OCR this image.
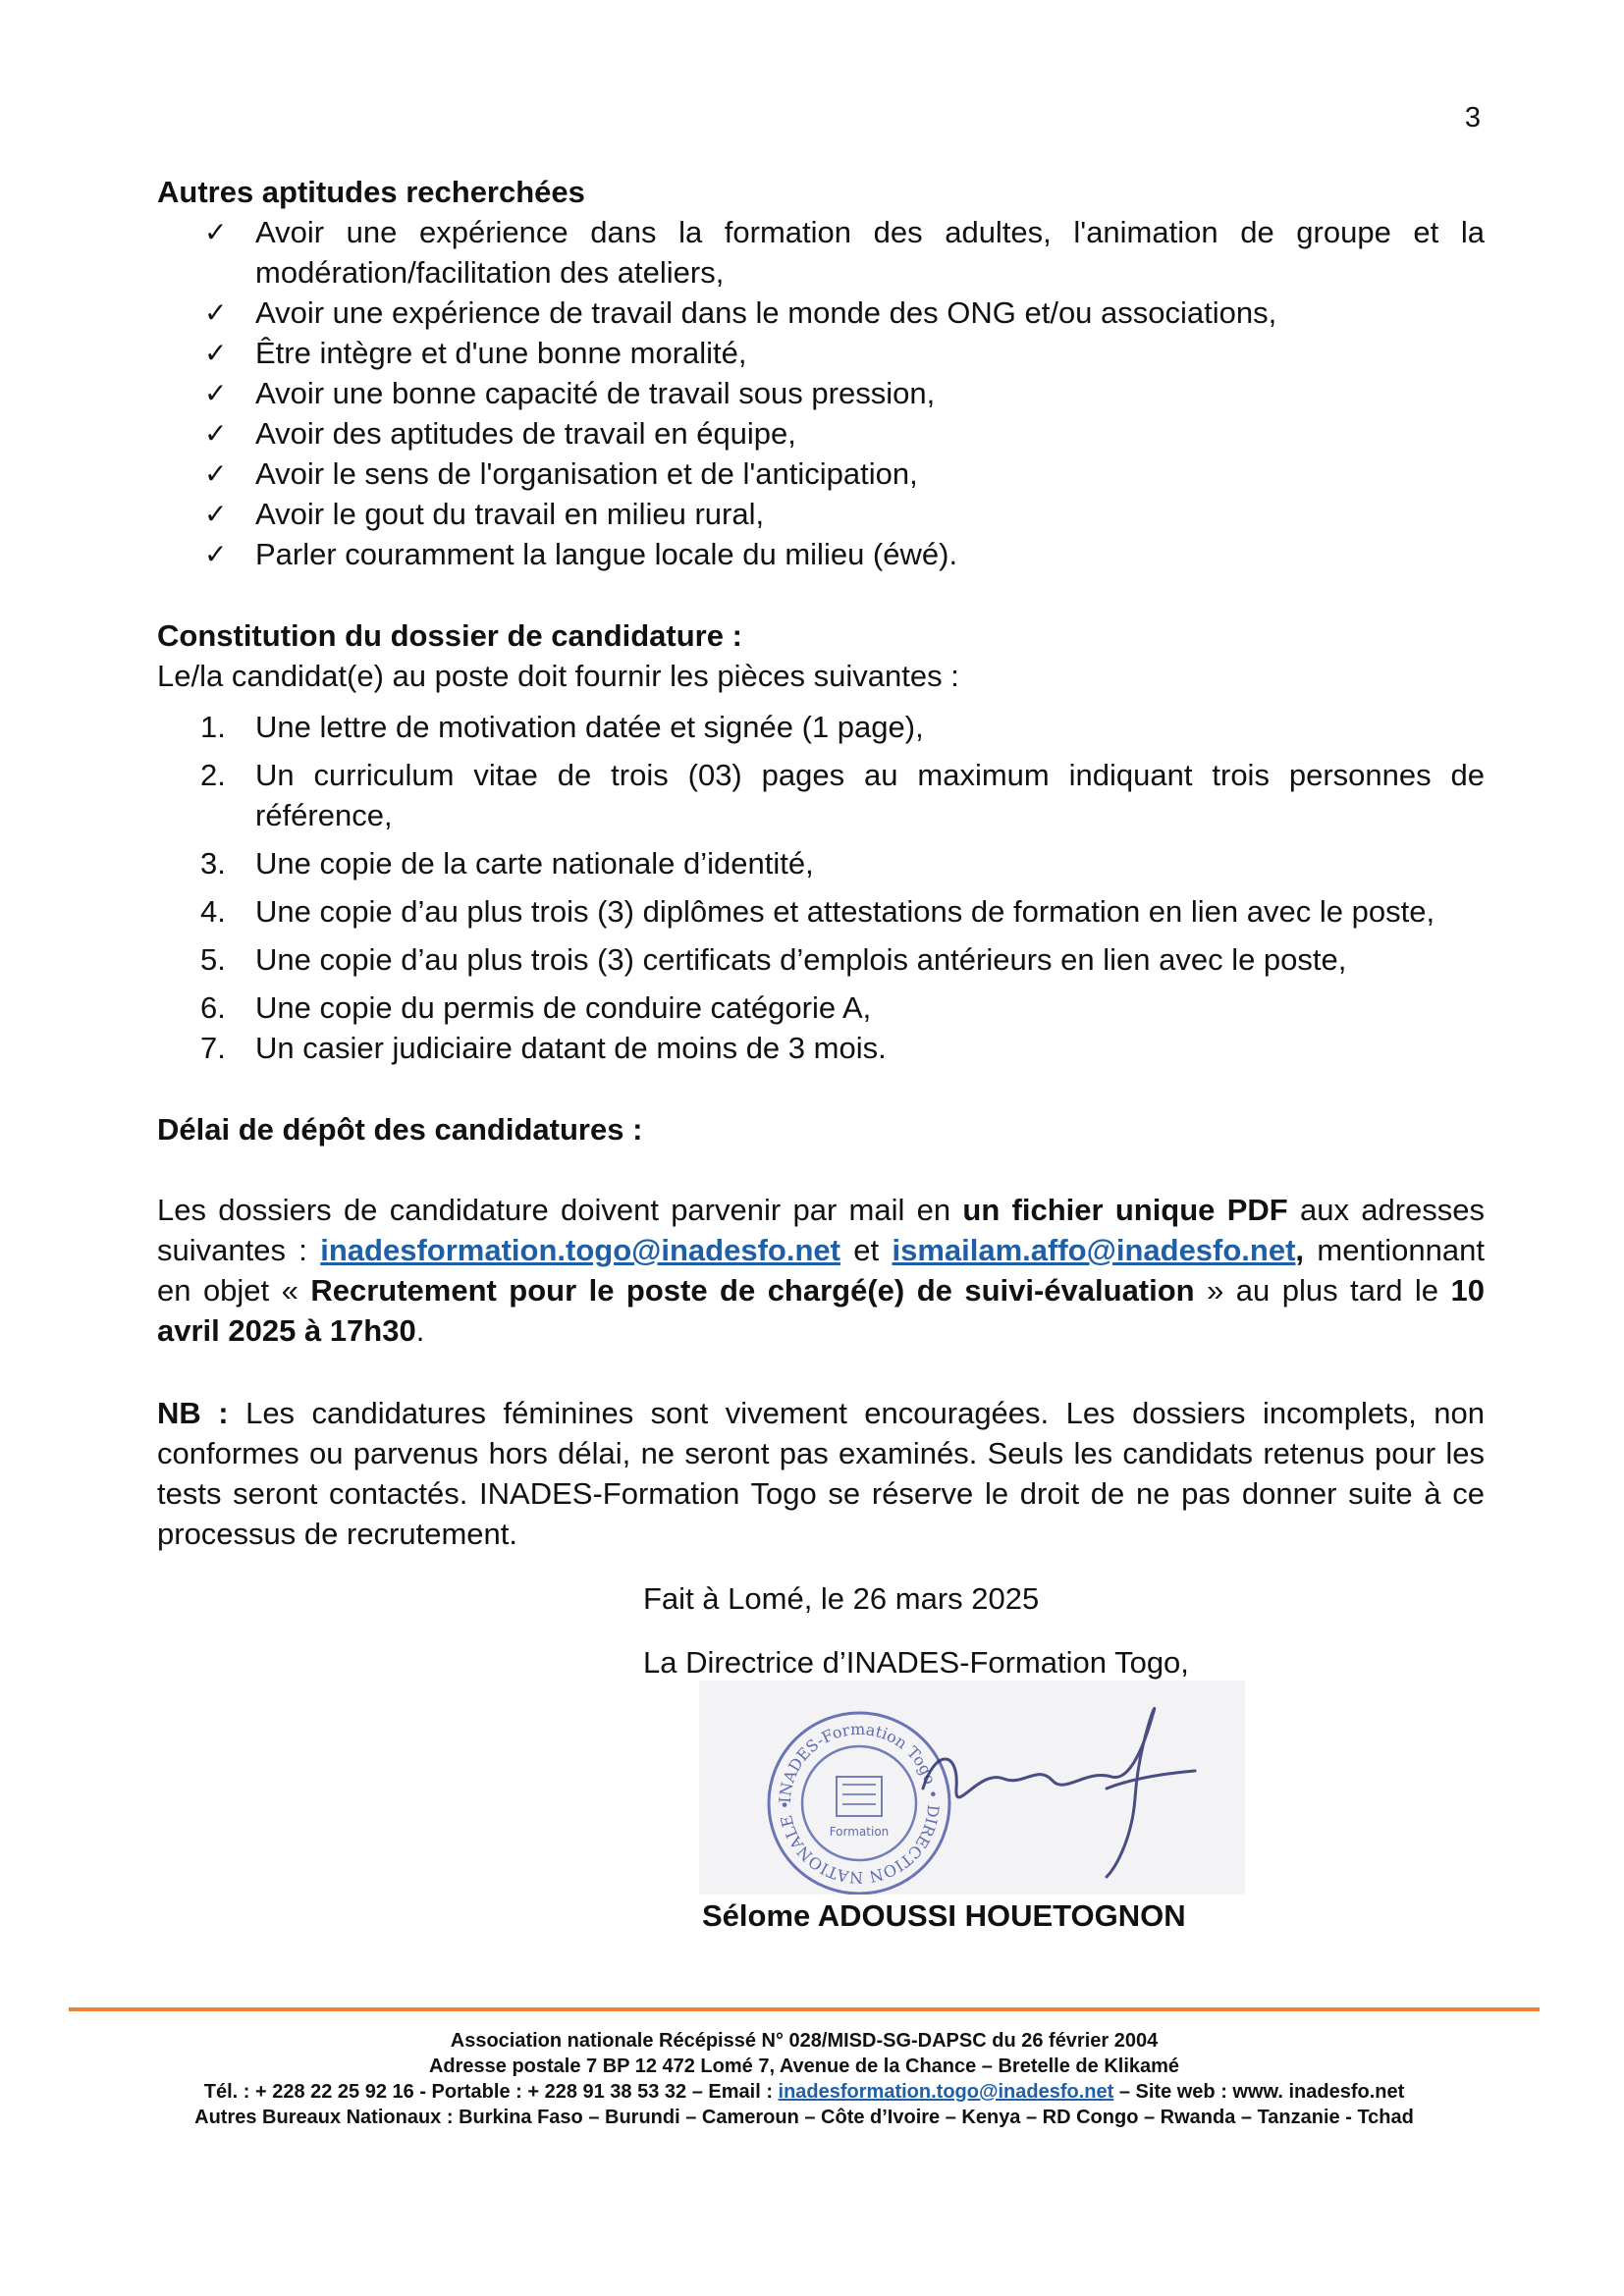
3
Autres aptitudes recherchées
✓ Avoir une expérience dans la formation des adultes, l'animation de groupe et la modération/facilitation des ateliers,
✓ Avoir une expérience de travail dans le monde des ONG et/ou associations,
✓ Être intègre et d'une bonne moralité,
✓ Avoir une bonne capacité de travail sous pression,
✓ Avoir des aptitudes de travail en équipe,
✓ Avoir le sens de l'organisation et de l'anticipation,
✓ Avoir le gout du travail en milieu rural,
✓ Parler couramment la langue locale du milieu (éwé).
Constitution du dossier de candidature :
Le/la candidat(e) au poste doit fournir les pièces suivantes :
1. Une lettre de motivation datée et signée (1 page),
2. Un curriculum vitae de trois (03) pages au maximum indiquant trois personnes de référence,
3. Une copie de la carte nationale d’identité,
4. Une copie d’au plus trois (3) diplômes et attestations de formation en lien avec le poste,
5. Une copie d’au plus trois (3) certificats d’emplois antérieurs en lien avec le poste,
6. Une copie du permis de conduire catégorie A,
7. Un casier judiciaire datant de moins de 3 mois.
Délai de dépôt des candidatures :
Les dossiers de candidature doivent parvenir par mail en un fichier unique PDF aux adresses suivantes : inadesformation.togo@inadesfo.net et ismailam.affo@inadesfo.net, mentionnant en objet « Recrutement pour le poste de chargé(e) de suivi-évaluation » au plus tard le 10 avril 2025 à 17h30.
NB : Les candidatures féminines sont vivement encouragées. Les dossiers incomplets, non conformes ou parvenus hors délai, ne seront pas examinés. Seuls les candidats retenus pour les tests seront contactés. INADES-Formation Togo se réserve le droit de ne pas donner suite à ce processus de recrutement.
Fait à Lomé, le 26 mars 2025
La Directrice d’INADES-Formation Togo,
INADES-Formation Togo • DIRECTION NATIONALE • 7 BP 12472 Lomé 7 Tél: 22 25 92 16 Fax: 22 25 92 16
Formation
Sélome ADOUSSI HOUETOGNON
Association nationale Récépissé N° 028/MISD-SG-DAPSC du 26 février 2004
Adresse postale 7 BP 12 472 Lomé 7, Avenue de la Chance – Bretelle de Klikamé
Tél. : + 228 22 25 92 16 - Portable : + 228 91 38 53 32 – Email : inadesformation.togo@inadesfo.net – Site web : www. inadesfo.net
Autres Bureaux Nationaux : Burkina Faso – Burundi – Cameroun – Côte d’Ivoire – Kenya – RD Congo – Rwanda – Tanzanie - Tchad
